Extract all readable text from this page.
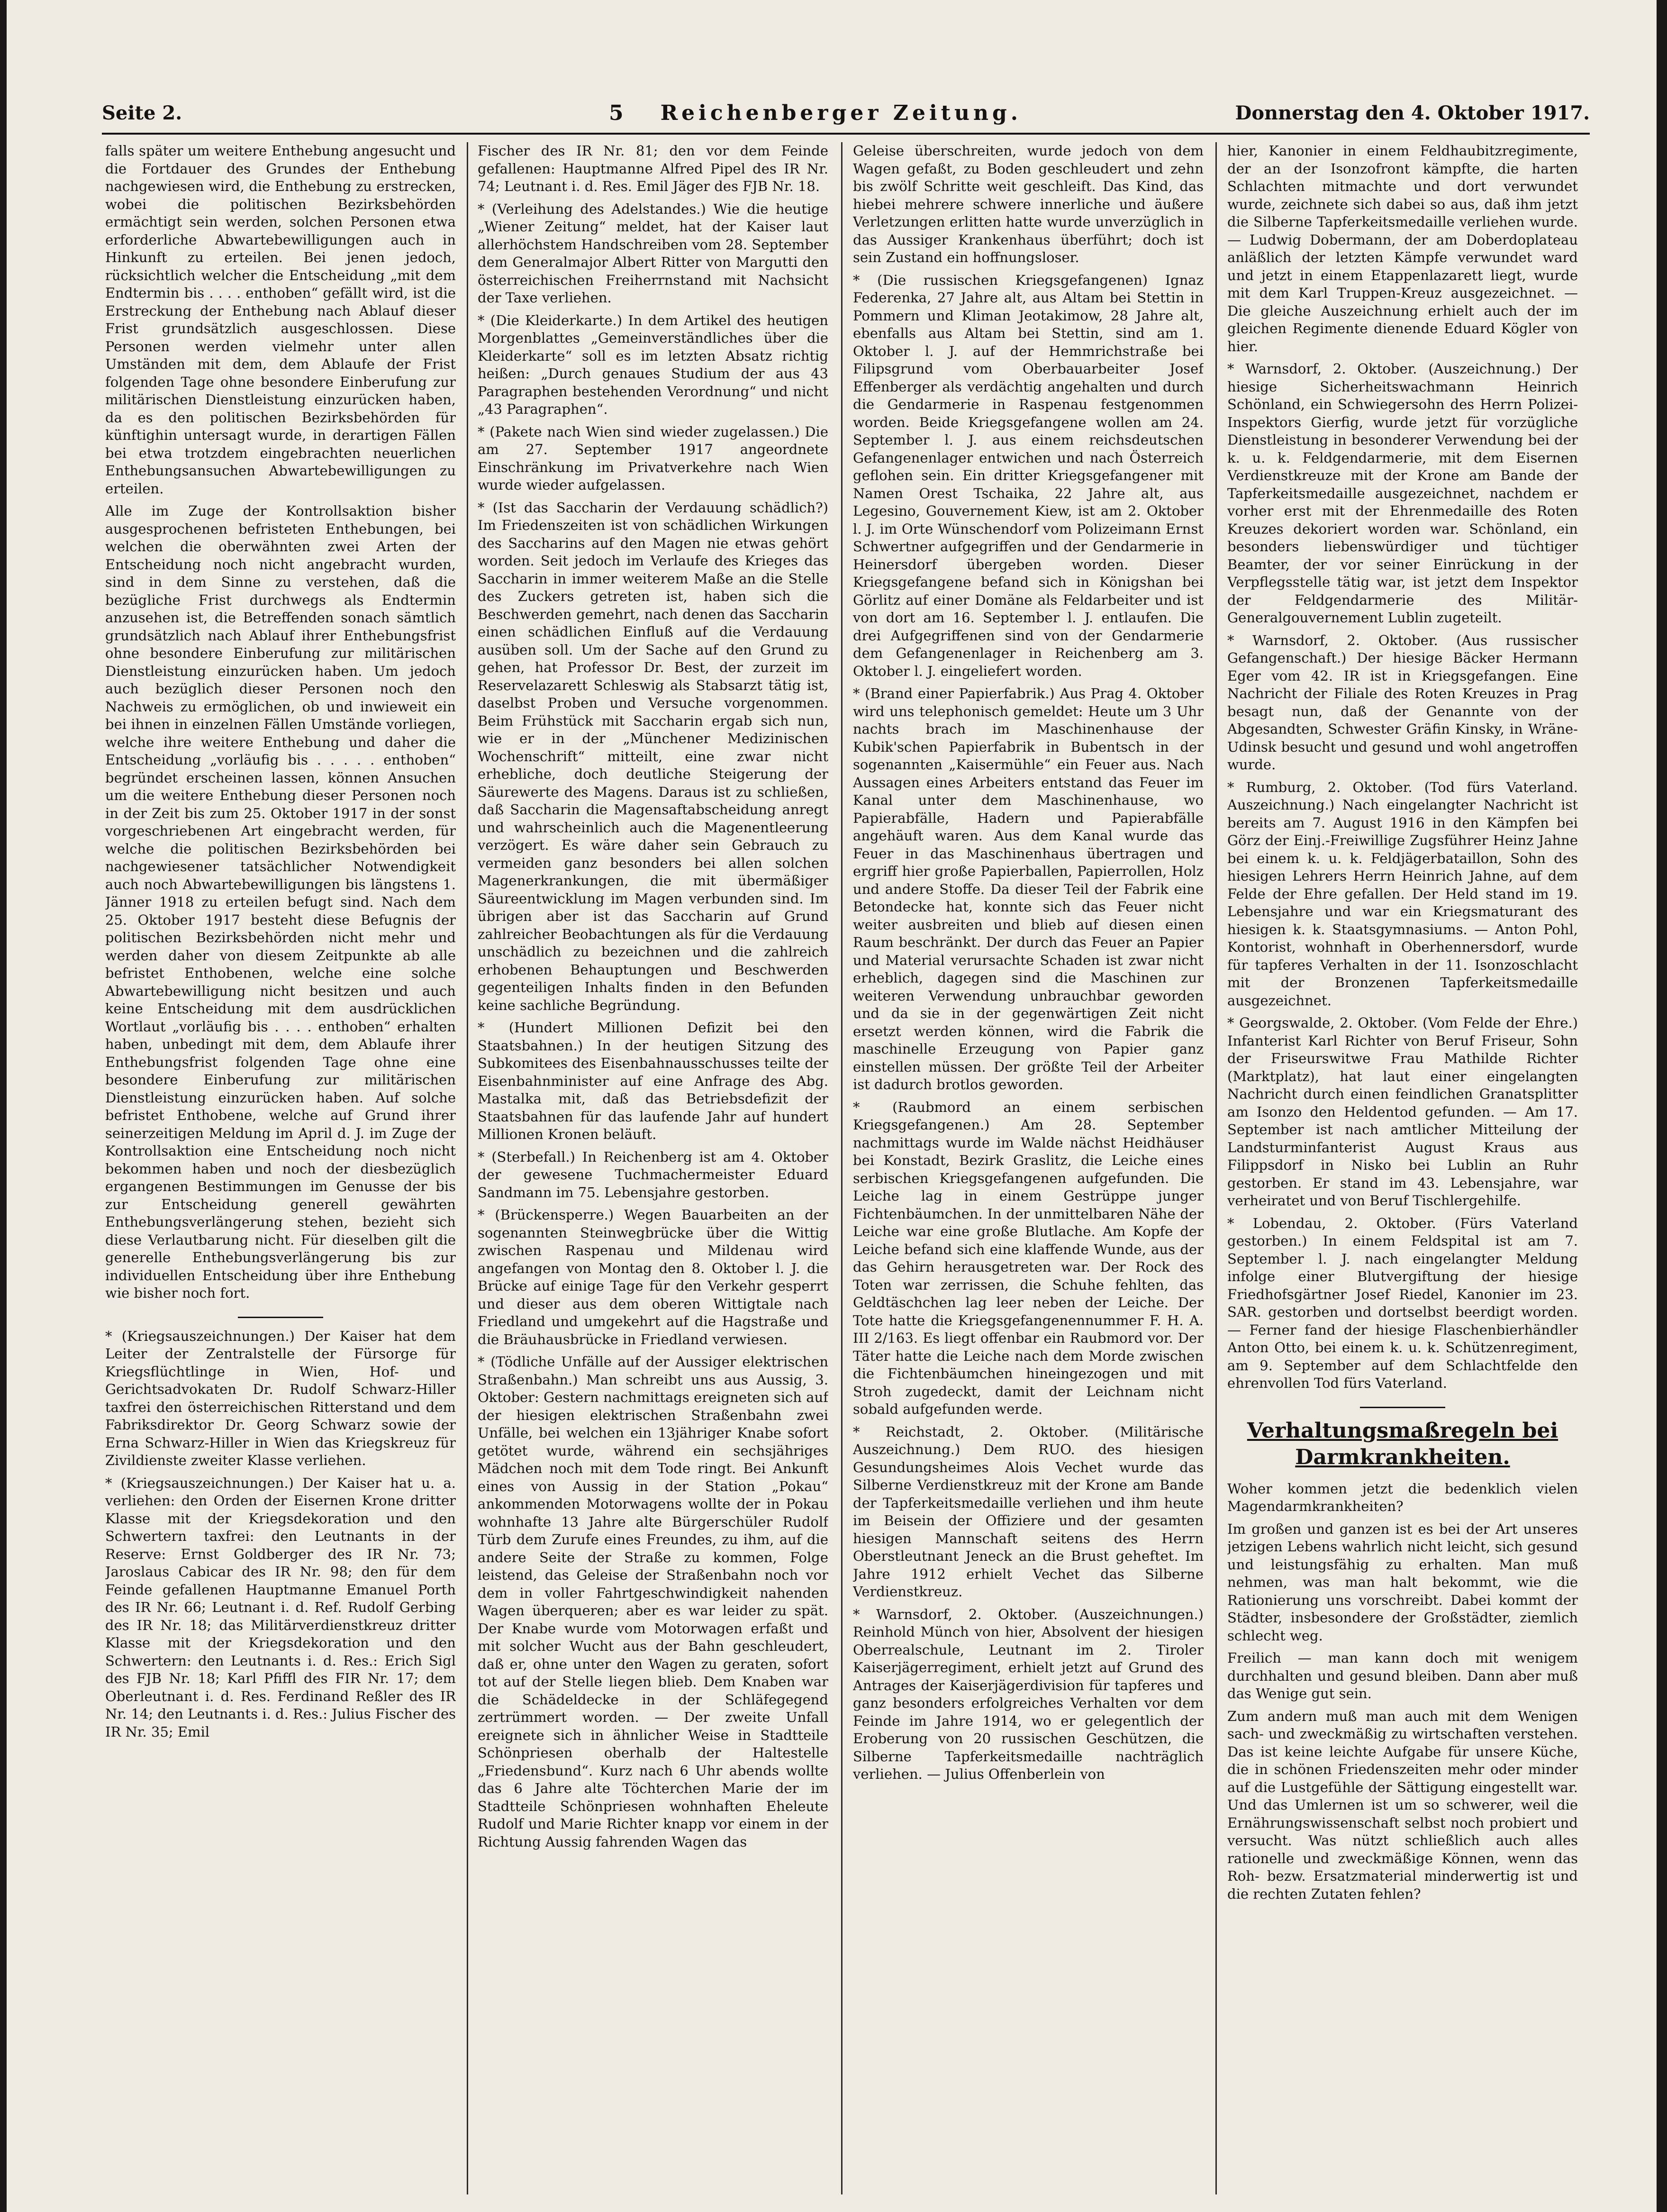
Seite 2.	5 Reichenberger Zeitung.	Donnerstag den 4. Oktober 1917.

falls später um weitere Enthebung angesucht und die Fortdauer des Grundes der Enthebung nachgewiesen wird, die Enthebung zu erstrecken, wobei die politischen Bezirksbehörden ermächtigt sein werden, solchen Personen etwa erforderliche Abwartebewilligungen auch in Hinkunft zu erteilen. Bei jenen jedoch, rücksichtlich welcher die Entscheidung „mit dem Endtermin bis . . . . enthoben“ gefällt wird, ist die Erstreckung der Enthebung nach Ablauf dieser Frist grundsätzlich ausgeschlossen. Diese Personen werden vielmehr unter allen Umständen mit dem, dem Ablaufe der Frist folgenden Tage ohne besondere Einberufung zur militärischen Dienstleistung einzurücken haben, da es den politischen Bezirksbehörden für künftighin untersagt wurde, in derartigen Fällen bei etwa trotzdem eingebrachten neuerlichen Enthebungsansuchen Abwartebewilligungen zu erteilen.

Alle im Zuge der Kontrollsaktion bisher ausgesprochenen befristeten Enthebungen, bei welchen die oberwähnten zwei Arten der Entscheidung noch nicht angebracht wurden, sind in dem Sinne zu verstehen, daß die bezügliche Frist durchwegs als Endtermin anzusehen ist, die Betreffenden sonach sämtlich grundsätzlich nach Ablauf ihrer Enthebungsfrist ohne besondere Einberufung zur militärischen Dienstleistung einzurücken haben. Um jedoch auch bezüglich dieser Personen noch den Nachweis zu ermöglichen, ob und inwieweit ein bei ihnen in einzelnen Fällen Umstände vorliegen, welche ihre weitere Enthebung und daher die Entscheidung „vorläufig bis . . . . . enthoben“ begründet erscheinen lassen, können Ansuchen um die weitere Enthebung dieser Personen noch in der Zeit bis zum 25. Oktober 1917 in der sonst vorgeschriebenen Art eingebracht werden, für welche die politischen Bezirksbehörden bei nachgewiesener tatsächlicher Notwendigkeit auch noch Abwartebewilligungen bis längstens 1. Jänner 1918 zu erteilen befugt sind. Nach dem 25. Oktober 1917 besteht diese Befugnis der politischen Bezirksbehörden nicht mehr und werden daher von diesem Zeitpunkte ab alle befristet Enthobenen, welche eine solche Abwartebewilligung nicht besitzen und auch keine Entscheidung mit dem ausdrücklichen Wortlaut „vorläufig bis . . . . enthoben“ erhalten haben, unbedingt mit dem, dem Ablaufe ihrer Enthebungsfrist folgenden Tage ohne eine besondere Einberufung zur militärischen Dienstleistung einzurücken haben. Auf solche befristet Enthobene, welche auf Grund ihrer seinerzeitigen Meldung im April d. J. im Zuge der Kontrollsaktion eine Entscheidung noch nicht bekommen haben und noch der diesbezüglich ergangenen Bestimmungen im Genusse der bis zur Entscheidung generell gewährten Enthebungsverlängerung stehen, bezieht sich diese Verlautbarung nicht. Für dieselben gilt die generelle Enthebungsverlängerung bis zur individuellen Entscheidung über ihre Enthebung wie bisher noch fort.

* (Kriegsauszeichnungen.) Der Kaiser hat dem Leiter der Zentralstelle der Fürsorge für Kriegsflüchtlinge in Wien, Hof- und Gerichtsadvokaten Dr. Rudolf Schwarz-Hiller taxfrei den österreichischen Ritterstand und dem Fabriksdirektor Dr. Georg Schwarz sowie der Erna Schwarz-Hiller in Wien das Kriegskreuz für Zivildienste zweiter Klasse verliehen.

* (Kriegsauszeichnungen.) Der Kaiser hat u. a. verliehen: den Orden der Eisernen Krone dritter Klasse mit der Kriegsdekoration und den Schwertern taxfrei: den Leutnants in der Reserve: Ernst Goldberger des IR Nr. 73; Jaroslaus Cabicar des IR Nr. 98; den für dem Feinde gefallenen Hauptmanne Emanuel Porth des IR Nr. 66; Leutnant i. d. Ref. Rudolf Gerbing des IR Nr. 18; das Militärverdienstkreuz dritter Klasse mit der Kriegsdekoration und den Schwertern: den Leutnants i. d. Res.: Erich Sigl des FJB Nr. 18; Karl Pfiffl des FIR Nr. 17; dem Oberleutnant i. d. Res. Ferdinand Reßler des IR Nr. 14; den Leutnants i. d. Res.: Julius Fischer des IR Nr. 35; Emil

Fischer des IR Nr. 81; den vor dem Feinde gefallenen: Hauptmanne Alfred Pipel des IR Nr. 74; Leutnant i. d. Res. Emil Jäger des FJB Nr. 18.

* (Verleihung des Adelstandes.) Wie die heutige „Wiener Zeitung“ meldet, hat der Kaiser laut allerhöchstem Handschreiben vom 28. September dem Generalmajor Albert Ritter von Margutti den österreichischen Freiherrnstand mit Nachsicht der Taxe verliehen.

* (Die Kleiderkarte.) In dem Artikel des heutigen Morgenblattes „Gemeinverständliches über die Kleiderkarte“ soll es im letzten Absatz richtig heißen: „Durch genaues Studium der aus 43 Paragraphen bestehenden Verordnung“ und nicht „43 Paragraphen“.

* (Pakete nach Wien sind wieder zugelassen.) Die am 27. September 1917 angeordnete Einschränkung im Privatverkehre nach Wien wurde wieder aufgelassen.

* (Ist das Saccharin der Verdauung schädlich?) Im Friedenszeiten ist von schädlichen Wirkungen des Saccharins auf den Magen nie etwas gehört worden. Seit jedoch im Verlaufe des Krieges das Saccharin in immer weiterem Maße an die Stelle des Zuckers getreten ist, haben sich die Beschwerden gemehrt, nach denen das Saccharin einen schädlichen Einfluß auf die Verdauung ausüben soll. Um der Sache auf den Grund zu gehen, hat Professor Dr. Best, der zurzeit im Reservelazarett Schleswig als Stabsarzt tätig ist, daselbst Proben und Versuche vorgenommen. Beim Frühstück mit Saccharin ergab sich nun, wie er in der „Münchener Medizinischen Wochenschrift“ mitteilt, eine zwar nicht erhebliche, doch deutliche Steigerung der Säurewerte des Magens. Daraus ist zu schließen, daß Saccharin die Magensaftabscheidung anregt und wahrscheinlich auch die Magenentleerung verzögert. Es wäre daher sein Gebrauch zu vermeiden ganz besonders bei allen solchen Magenerkrankungen, die mit übermäßiger Säureentwicklung im Magen verbunden sind. Im übrigen aber ist das Saccharin auf Grund zahlreicher Beobachtungen als für die Verdauung unschädlich zu bezeichnen und die zahlreich erhobenen Behauptungen und Beschwerden gegenteiligen Inhalts finden in den Befunden keine sachliche Begründung.

* (Hundert Millionen Defizit bei den Staatsbahnen.) In der heutigen Sitzung des Subkomitees des Eisenbahnausschusses teilte der Eisenbahnminister auf eine Anfrage des Abg. Mastalka mit, daß das Betriebsdefizit der Staatsbahnen für das laufende Jahr auf hundert Millionen Kronen beläuft.

* (Sterbefall.) In Reichenberg ist am 4. Oktober der gewesene Tuchmachermeister Eduard Sandmann im 75. Lebensjahre gestorben.

* (Brückensperre.) Wegen Bauarbeiten an der sogenannten Steinwegbrücke über die Wittig zwischen Raspenau und Mildenau wird angefangen von Montag den 8. Oktober l. J. die Brücke auf einige Tage für den Verkehr gesperrt und dieser aus dem oberen Wittigtale nach Friedland und umgekehrt auf die Hagstraße und die Bräuhausbrücke in Friedland verwiesen.

* (Tödliche Unfälle auf der Aussiger elektrischen Straßenbahn.) Man schreibt uns aus Aussig, 3. Oktober: Gestern nachmittags ereigneten sich auf der hiesigen elektrischen Straßenbahn zwei Unfälle, bei welchen ein 13jähriger Knabe sofort getötet wurde, während ein sechsjähriges Mädchen noch mit dem Tode ringt. Bei Ankunft eines von Aussig in der Station „Pokau“ ankommenden Motorwagens wollte der in Pokau wohnhafte 13 Jahre alte Bürgerschüler Rudolf Türb dem Zurufe eines Freundes, zu ihm, auf die andere Seite der Straße zu kommen, Folge leistend, das Geleise der Straßenbahn noch vor dem in voller Fahrtgeschwindigkeit nahenden Wagen überqueren; aber es war leider zu spät. Der Knabe wurde vom Motorwagen erfaßt und mit solcher Wucht aus der Bahn geschleudert, daß er, ohne unter den Wagen zu geraten, sofort tot auf der Stelle liegen blieb. Dem Knaben war die Schädeldecke in der Schläfegegend zertrümmert worden. — Der zweite Unfall ereignete sich in ähnlicher Weise in Stadtteile Schönpriesen oberhalb der Haltestelle „Friedensbund“. Kurz nach 6 Uhr abends wollte das 6 Jahre alte Töchterchen Marie der im Stadtteile Schönpriesen wohnhaften Eheleute Rudolf und Marie Richter knapp vor einem in der Richtung Aussig fahrenden Wagen das

Geleise überschreiten, wurde jedoch von dem Wagen gefaßt, zu Boden geschleudert und zehn bis zwölf Schritte weit geschleift. Das Kind, das hiebei mehrere schwere innerliche und äußere Verletzungen erlitten hatte wurde unverzüglich in das Aussiger Krankenhaus überführt; doch ist sein Zustand ein hoffnungsloser.

* (Die russischen Kriegsgefangenen) Ignaz Federenka, 27 Jahre alt, aus Altam bei Stettin in Pommern und Kliman Jeotakimow, 28 Jahre alt, ebenfalls aus Altam bei Stettin, sind am 1. Oktober l. J. auf der Hemmrichstraße bei Filipsgrund vom Oberbauarbeiter Josef Effenberger als verdächtig angehalten und durch die Gendarmerie in Raspenau festgenommen worden. Beide Kriegsgefangene wollen am 24. September l. J. aus einem reichsdeutschen Gefangenenlager entwichen und nach Österreich geflohen sein. Ein dritter Kriegsgefangener mit Namen Orest Tschaika, 22 Jahre alt, aus Legesino, Gouvernement Kiew, ist am 2. Oktober l. J. im Orte Wünschendorf vom Polizeimann Ernst Schwertner aufgegriffen und der Gendarmerie in Heinersdorf übergeben worden. Dieser Kriegsgefangene befand sich in Königshan bei Görlitz auf einer Domäne als Feldarbeiter und ist von dort am 16. September l. J. entlaufen. Die drei Aufgegriffenen sind von der Gendarmerie dem Gefangenenlager in Reichenberg am 3. Oktober l. J. eingeliefert worden.

* (Brand einer Papierfabrik.) Aus Prag 4. Oktober wird uns telephonisch gemeldet: Heute um 3 Uhr nachts brach im Maschinenhause der Kubik'schen Papierfabrik in Bubentsch in der sogenannten „Kaisermühle“ ein Feuer aus. Nach Aussagen eines Arbeiters entstand das Feuer im Kanal unter dem Maschinenhause, wo Papierabfälle, Hadern und Papierabfälle angehäuft waren. Aus dem Kanal wurde das Feuer in das Maschinenhaus übertragen und ergriff hier große Papierballen, Papierrollen, Holz und andere Stoffe. Da dieser Teil der Fabrik eine Betondecke hat, konnte sich das Feuer nicht weiter ausbreiten und blieb auf diesen einen Raum beschränkt. Der durch das Feuer an Papier und Material verursachte Schaden ist zwar nicht erheblich, dagegen sind die Maschinen zur weiteren Verwendung unbrauchbar geworden und da sie in der gegenwärtigen Zeit nicht ersetzt werden können, wird die Fabrik die maschinelle Erzeugung von Papier ganz einstellen müssen. Der größte Teil der Arbeiter ist dadurch brotlos geworden.

* (Raubmord an einem serbischen Kriegsgefangenen.) Am 28. September nachmittags wurde im Walde nächst Heidhäuser bei Konstadt, Bezirk Graslitz, die Leiche eines serbischen Kriegsgefangenen aufgefunden. Die Leiche lag in einem Gestrüppe junger Fichtenbäumchen. In der unmittelbaren Nähe der Leiche war eine große Blutlache. Am Kopfe der Leiche befand sich eine klaffende Wunde, aus der das Gehirn herausgetreten war. Der Rock des Toten war zerrissen, die Schuhe fehlten, das Geldtäschchen lag leer neben der Leiche. Der Tote hatte die Kriegsgefangenennummer F. H. A. III 2/163. Es liegt offenbar ein Raubmord vor. Der Täter hatte die Leiche nach dem Morde zwischen die Fichtenbäumchen hineingezogen und mit Stroh zugedeckt, damit der Leichnam nicht sobald aufgefunden werde.

* Reichstadt, 2. Oktober. (Militärische Auszeichnung.) Dem RUO. des hiesigen Gesundungsheimes Alois Vechet wurde das Silberne Verdienstkreuz mit der Krone am Bande der Tapferkeitsmedaille verliehen und ihm heute im Beisein der Offiziere und der gesamten hiesigen Mannschaft seitens des Herrn Oberstleutnant Jeneck an die Brust geheftet. Im Jahre 1912 erhielt Vechet das Silberne Verdienstkreuz.

* Warnsdorf, 2. Oktober. (Auszeichnungen.) Reinhold Münch von hier, Absolvent der hiesigen Oberrealschule, Leutnant im 2. Tiroler Kaiserjägerregiment, erhielt jetzt auf Grund des Antrages der Kaiserjägerdivision für tapferes und ganz besonders erfolgreiches Verhalten vor dem Feinde im Jahre 1914, wo er gelegentlich der Eroberung von 20 russischen Geschützen, die Silberne Tapferkeitsmedaille nachträglich verliehen. — Julius Offenberlein von

hier, Kanonier in einem Feldhaubitzregimente, der an der Isonzofront kämpfte, die harten Schlachten mitmachte und dort verwundet wurde, zeichnete sich dabei so aus, daß ihm jetzt die Silberne Tapferkeitsmedaille verliehen wurde. — Ludwig Dobermann, der am Doberdoplateau anläßlich der letzten Kämpfe verwundet ward und jetzt in einem Etappenlazarett liegt, wurde mit dem Karl Truppen-Kreuz ausgezeichnet. — Die gleiche Auszeichnung erhielt auch der im gleichen Regimente dienende Eduard Kögler von hier.

* Warnsdorf, 2. Oktober. (Auszeichnung.) Der hiesige Sicherheitswachmann Heinrich Schönland, ein Schwiegersohn des Herrn Polizei-Inspektors Gierfig, wurde jetzt für vorzügliche Dienstleistung in besonderer Verwendung bei der k. u. k. Feldgendarmerie, mit dem Eisernen Verdienstkreuze mit der Krone am Bande der Tapferkeitsmedaille ausgezeichnet, nachdem er vorher erst mit der Ehrenmedaille des Roten Kreuzes dekoriert worden war. Schönland, ein besonders liebenswürdiger und tüchtiger Beamter, der vor seiner Einrückung in der Verpflegsstelle tätig war, ist jetzt dem Inspektor der Feldgendarmerie des Militär-Generalgouvernement Lublin zugeteilt.

* Warnsdorf, 2. Oktober. (Aus russischer Gefangenschaft.) Der hiesige Bäcker Hermann Eger vom 42. IR ist in Kriegsgefangen. Eine Nachricht der Filiale des Roten Kreuzes in Prag besagt nun, daß der Genannte von der Abgesandten, Schwester Gräfin Kinsky, in Wräne-Udinsk besucht und gesund und wohl angetroffen wurde.

* Rumburg, 2. Oktober. (Tod fürs Vaterland. Auszeichnung.) Nach eingelangter Nachricht ist bereits am 7. August 1916 in den Kämpfen bei Görz der Einj.-Freiwillige Zugsführer Heinz Jahne bei einem k. u. k. Feldjägerbataillon, Sohn des hiesigen Lehrers Herrn Heinrich Jahne, auf dem Felde der Ehre gefallen. Der Held stand im 19. Lebensjahre und war ein Kriegsmaturant des hiesigen k. k. Staatsgymnasiums. — Anton Pohl, Kontorist, wohnhaft in Oberhennersdorf, wurde für tapferes Verhalten in der 11. Isonzoschlacht mit der Bronzenen Tapferkeitsmedaille ausgezeichnet.

* Georgswalde, 2. Oktober. (Vom Felde der Ehre.) Infanterist Karl Richter von Beruf Friseur, Sohn der Friseurswitwe Frau Mathilde Richter (Marktplatz), hat laut einer eingelangten Nachricht durch einen feindlichen Granatsplitter am Isonzo den Heldentod gefunden. — Am 17. September ist nach amtlicher Mitteilung der Landsturminfanterist August Kraus aus Filippsdorf in Nisko bei Lublin an Ruhr gestorben. Er stand im 43. Lebensjahre, war verheiratet und von Beruf Tischlergehilfe.

* Lobendau, 2. Oktober. (Fürs Vaterland gestorben.) In einem Feldspital ist am 7. September l. J. nach eingelangter Meldung infolge einer Blutvergiftung der hiesige Friedhofsgärtner Josef Riedel, Kanonier im 23. SAR. gestorben und dortselbst beerdigt worden. — Ferner fand der hiesige Flaschenbierhändler Anton Otto, bei einem k. u. k. Schützenregiment, am 9. September auf dem Schlachtfelde den ehrenvollen Tod fürs Vaterland.

Verhaltungsmaßregeln bei Darmkrankheiten.

Woher kommen jetzt die bedenklich vielen Magendarmkrankheiten?

Im großen und ganzen ist es bei der Art unseres jetzigen Lebens wahrlich nicht leicht, sich gesund und leistungsfähig zu erhalten. Man muß nehmen, was man halt bekommt, wie die Rationierung uns vorschreibt. Dabei kommt der Städter, insbesondere der Großstädter, ziemlich schlecht weg.

Freilich — man kann doch mit wenigem durchhalten und gesund bleiben. Dann aber muß das Wenige gut sein.

Zum andern muß man auch mit dem Wenigen sach- und zweckmäßig zu wirtschaften verstehen. Das ist keine leichte Aufgabe für unsere Küche, die in schönen Friedenszeiten mehr oder minder auf die Lustgefühle der Sättigung eingestellt war. Und das Umlernen ist um so schwerer, weil die Ernährungswissenschaft selbst noch probiert und versucht. Was nützt schließlich auch alles rationelle und zweckmäßige Können, wenn das Roh- bezw. Ersatzmaterial minderwertig ist und die rechten Zutaten fehlen?
